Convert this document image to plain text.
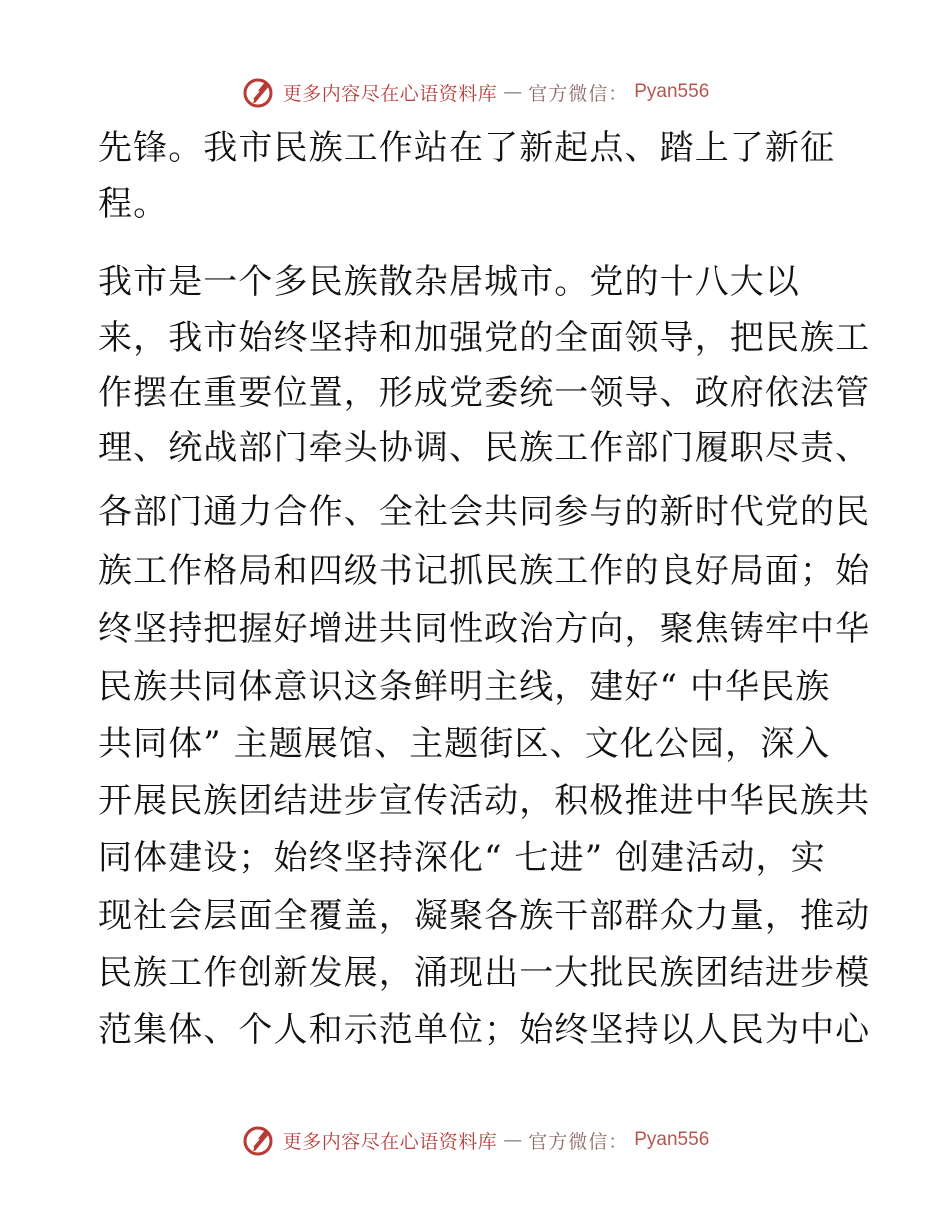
更多内容尽在心语资料库 — 官方微信： Pyan556
先锋。我市民族工作站在了新起点、踏上了新征
程。
我市是一个多民族散杂居城市。党的十八大以
来，我市始终坚持和加强党的全面领导，把民族工
作摆在重要位置，形成党委统一领导、政府依法管
理、统战部门牵头协调、民族工作部门履职尽责、
各部门通力合作、全社会共同参与的新时代党的民
族工作格局和四级书记抓民族工作的良好局面；始
终坚持把握好增进共同性政治方向，聚焦铸牢中华
民族共同体意识这条鲜明主线，建好“ 中华民族
共同体” 主题展馆、主题街区、文化公园，深入
开展民族团结进步宣传活动，积极推进中华民族共
同体建设；始终坚持深化“ 七进” 创建活动，实
现社会层面全覆盖，凝聚各族干部群众力量，推动
民族工作创新发展，涌现出一大批民族团结进步模
范集体、个人和示范单位；始终坚持以人民为中心
更多内容尽在心语资料库 — 官方微信： Pyan556
